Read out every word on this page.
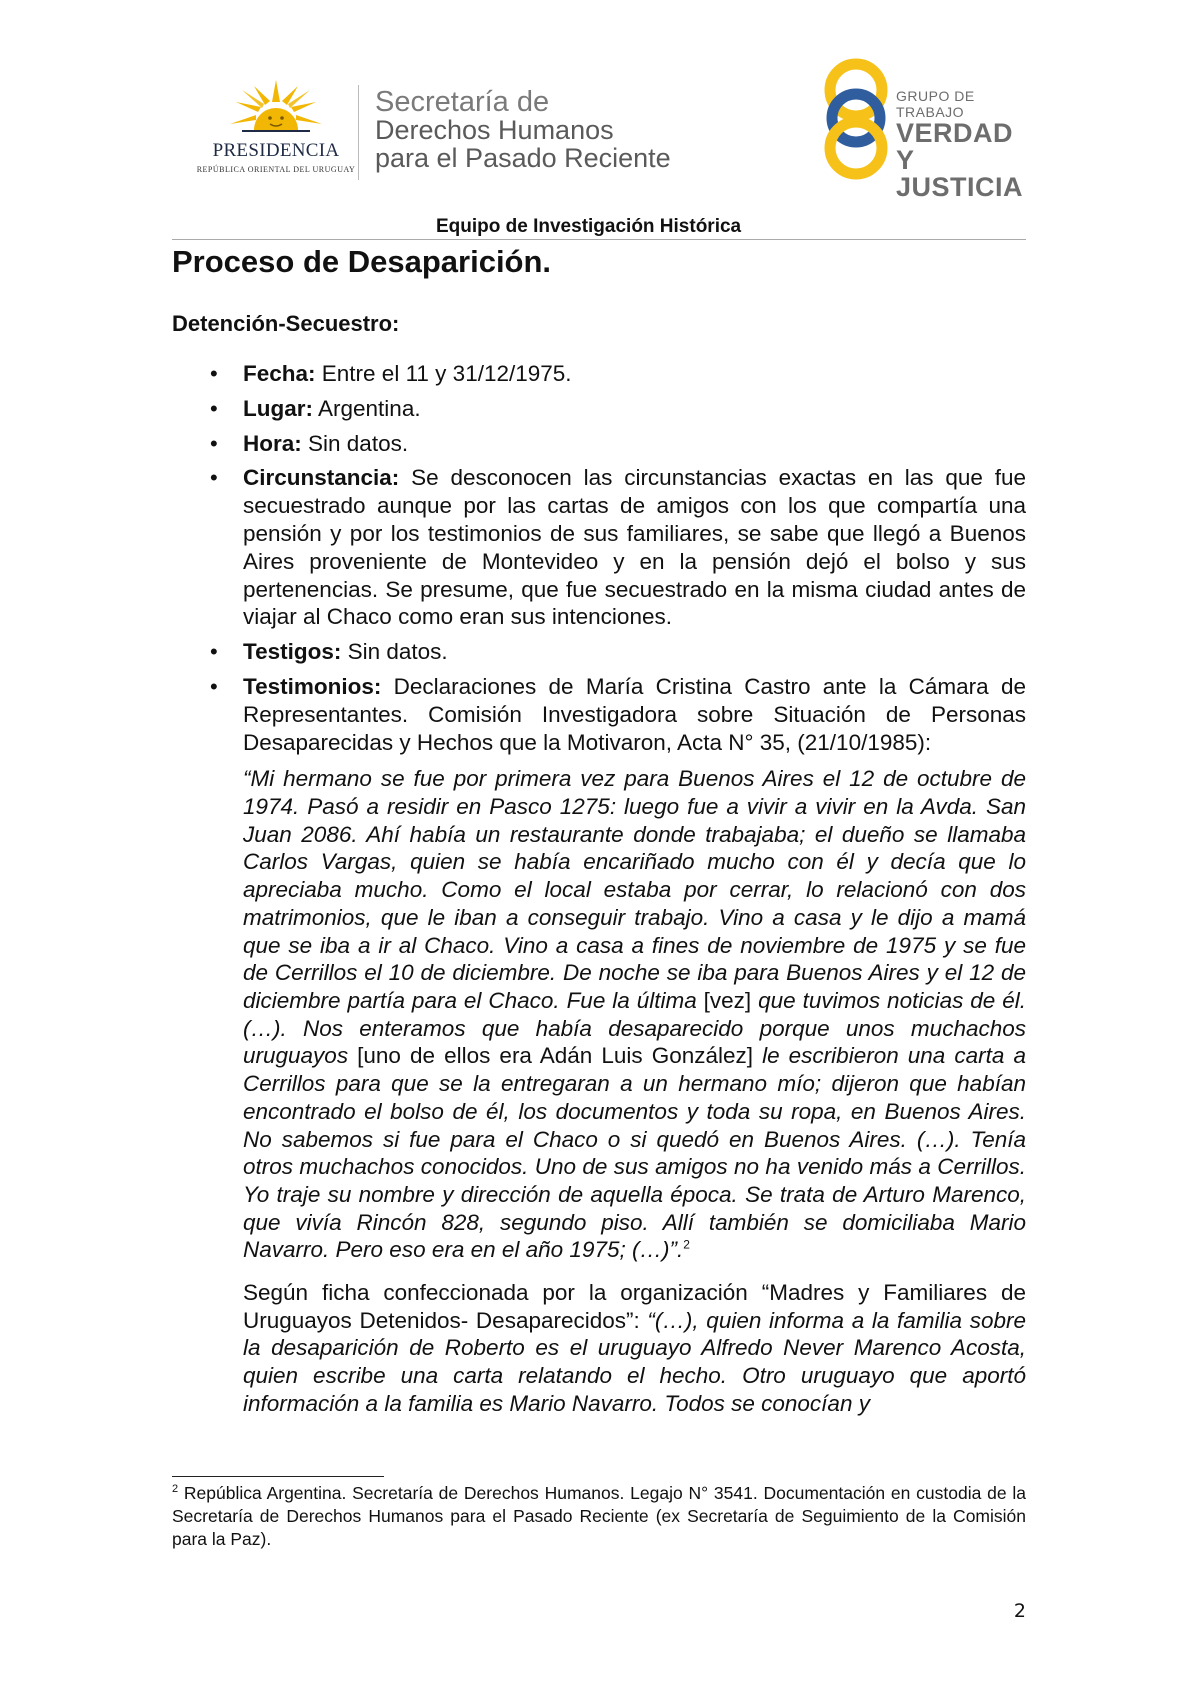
PRESIDENCIA
REPÚBLICA ORIENTAL DEL URUGUAY
Secretaría de
Derechos Humanos
para el Pasado Reciente
GRUPO DE TRABAJO
VERDAD Y
JUSTICIA
Equipo de Investigación Histórica
Proceso de Desaparición.
Detención-Secuestro:
• Fecha: Entre el 11 y 31/12/1975.
• Lugar: Argentina.
• Hora: Sin datos.
• Circunstancia: Se desconocen las circunstancias exactas en las que fue secuestrado aunque por las cartas de amigos con los que compartía una pensión y por los testimonios de sus familiares, se sabe que llegó a Buenos Aires proveniente de Montevideo y en la pensión dejó el bolso y sus pertenencias. Se presume, que fue secuestrado en la misma ciudad antes de viajar al Chaco como eran sus intenciones.
• Testigos: Sin datos.
• Testimonios: Declaraciones de María Cristina Castro ante la Cámara de Representantes. Comisión Investigadora sobre Situación de Personas Desaparecidas y Hechos que la Motivaron, Acta N° 35, (21/10/1985):
“Mi hermano se fue por primera vez para Buenos Aires el 12 de octubre de 1974. Pasó a residir en Pasco 1275: luego fue a vivir a vivir en la Avda. San Juan 2086. Ahí había un restaurante donde trabajaba; el dueño se llamaba Carlos Vargas, quien se había encariñado mucho con él y decía que lo apreciaba mucho. Como el local estaba por cerrar, lo relacionó con dos matrimonios, que le iban a conseguir trabajo. Vino a casa y le dijo a mamá que se iba a ir al Chaco. Vino a casa a fines de noviembre de 1975 y se fue de Cerrillos el 10 de diciembre. De noche se iba para Buenos Aires y el 12 de diciembre partía para el Chaco. Fue la última [vez] que tuvimos noticias de él. (…). Nos enteramos que había desaparecido porque unos muchachos uruguayos [uno de ellos era Adán Luis González] le escribieron una carta a Cerrillos para que se la entregaran a un hermano mío; dijeron que habían encontrado el bolso de él, los documentos y toda su ropa, en Buenos Aires. No sabemos si fue para el Chaco o si quedó en Buenos Aires. (…). Tenía otros muchachos conocidos. Uno de sus amigos no ha venido más a Cerrillos. Yo traje su nombre y dirección de aquella época. Se trata de Arturo Marenco, que vivía Rincón 828, segundo piso. Allí también se domiciliaba Mario Navarro. Pero eso era en el año 1975; (…)”.$^2$
Según ficha confeccionada por la organización “Madres y Familiares de Uruguayos Detenidos- Desaparecidos”: “(…), quien informa a la familia sobre la desaparición de Roberto es el uruguayo Alfredo Never Marenco Acosta, quien escribe una carta relatando el hecho. Otro uruguayo que aportó información a la familia es Mario Navarro. Todos se conocían y
$^2$ República Argentina. Secretaría de Derechos Humanos. Legajo N° 3541. Documentación en custodia de la Secretaría de Derechos Humanos para el Pasado Reciente (ex Secretaría de Seguimiento de la Comisión para la Paz).
2
